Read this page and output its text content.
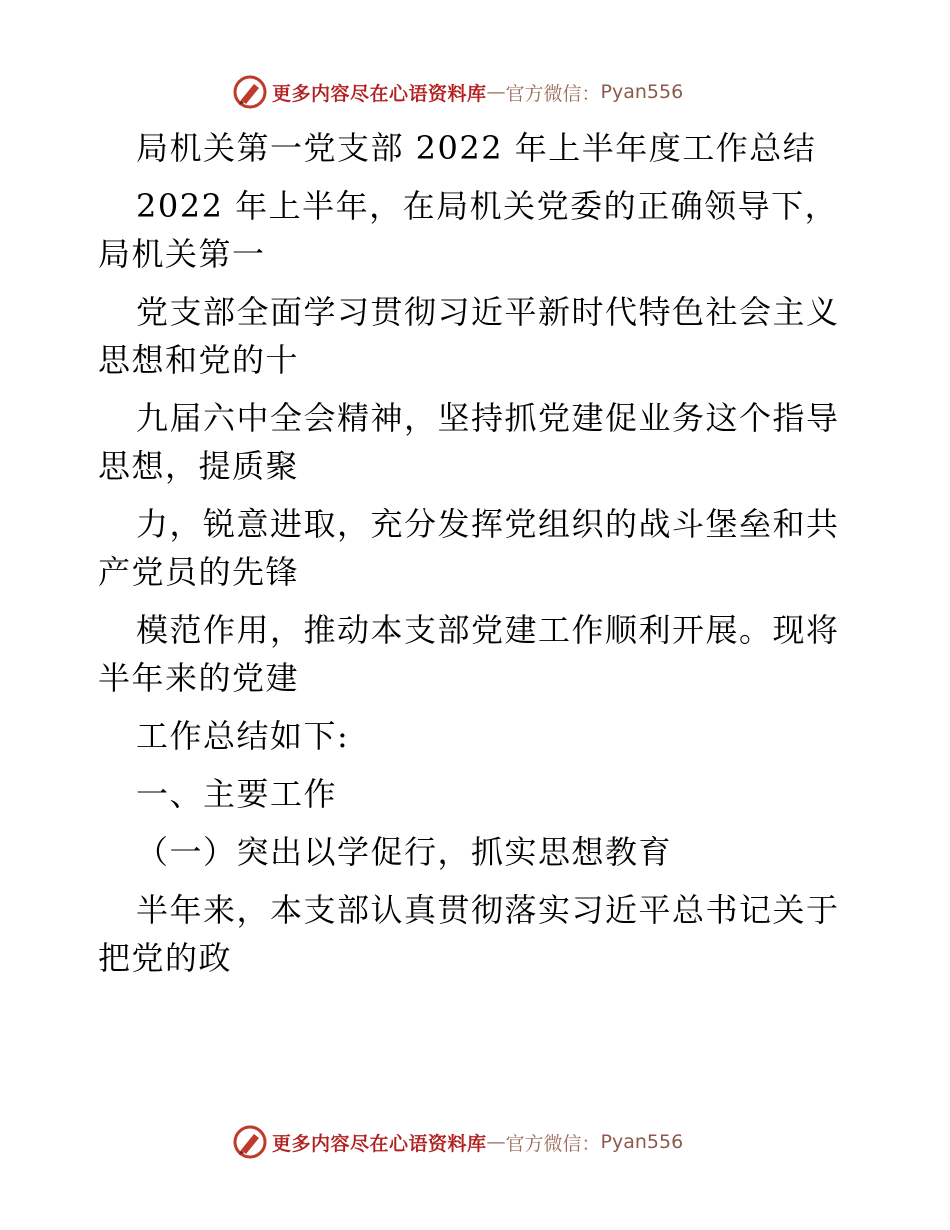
更多内容尽在心语资料库 — 官方微信： Pyan556
局机关第一党支部 2022 年上半年度工作总结
2022 年上半年，在局机关党委的正确领导下，
局机关第一
党支部全面学习贯彻习近平新时代特色社会主义
思想和党的十
九届六中全会精神，坚持抓党建促业务这个指导
思想，提质聚
力，锐意进取，充分发挥党组织的战斗堡垒和共
产党员的先锋
模范作用，推动本支部党建工作顺利开展。现将
半年来的党建
工作总结如下:
一、主要工作
（一）突出以学促行，抓实思想教育
半年来，本支部认真贯彻落实习近平总书记关于
把党的政
更多内容尽在心语资料库 — 官方微信： Pyan556
